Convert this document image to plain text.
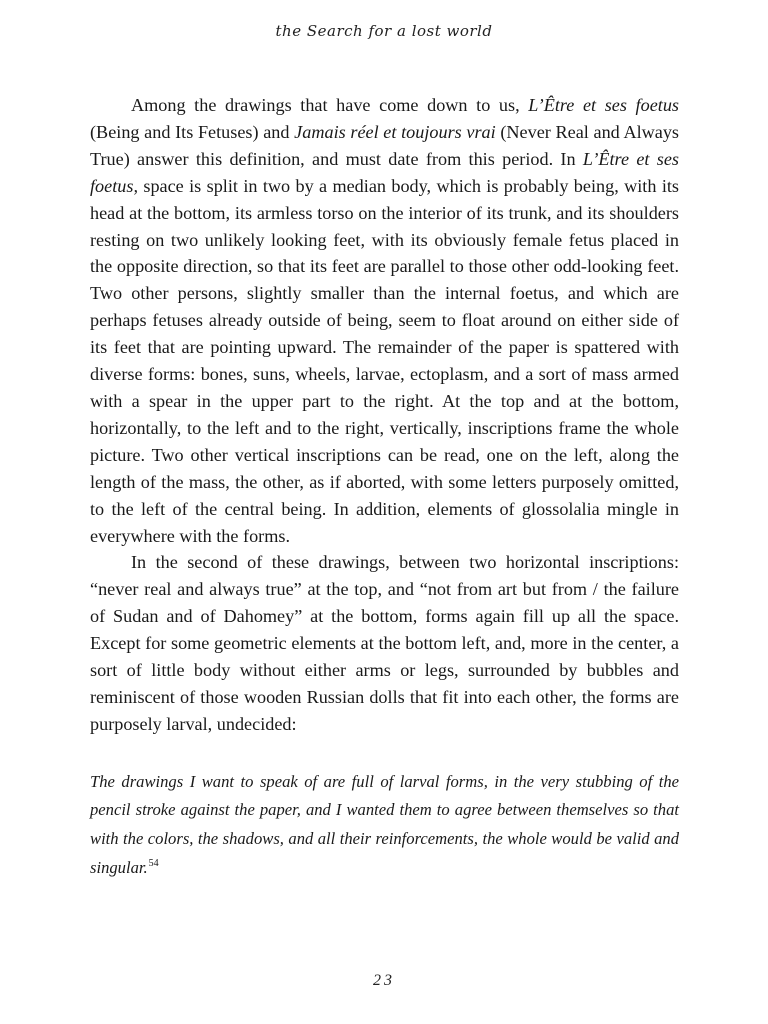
the Search for a lost world

Among the drawings that have come down to us, L’Être et ses foetus (Being and Its Fetuses) and Jamais réel et toujours vrai (Never Real and Always True) answer this definition, and must date from this period. In L’Être et ses foetus, space is split in two by a median body, which is probably being, with its head at the bottom, its armless torso on the interior of its trunk, and its shoulders resting on two unlikely looking feet, with its obviously female fetus placed in the opposite direction, so that its feet are parallel to those other odd-looking feet. Two other persons, slightly smaller than the internal foetus, and which are perhaps fetuses already outside of being, seem to float around on either side of its feet that are pointing upward. The remainder of the paper is spattered with diverse forms: bones, suns, wheels, larvae, ectoplasm, and a sort of mass armed with a spear in the upper part to the right. At the top and at the bottom, horizontally, to the left and to the right, vertically, inscriptions frame the whole picture. Two other vertical inscriptions can be read, one on the left, along the length of the mass, the other, as if aborted, with some letters purposely omitted, to the left of the central being. In addition, elements of glossolalia mingle in everywhere with the forms.

In the second of these drawings, between two horizontal inscriptions: “never real and always true” at the top, and “not from art but from / the failure of Sudan and of Dahomey” at the bottom, forms again fill up all the space. Except for some geometric elements at the bottom left, and, more in the center, a sort of little body without either arms or legs, surrounded by bubbles and reminiscent of those wooden Russian dolls that fit into each other, the forms are purposely larval, undecided:

The drawings I want to speak of are full of larval forms, in the very stubbing of the pencil stroke against the paper, and I wanted them to agree between themselves so that with the colors, the shadows, and all their reinforcements, the whole would be valid and singular.$^{54}$

23
